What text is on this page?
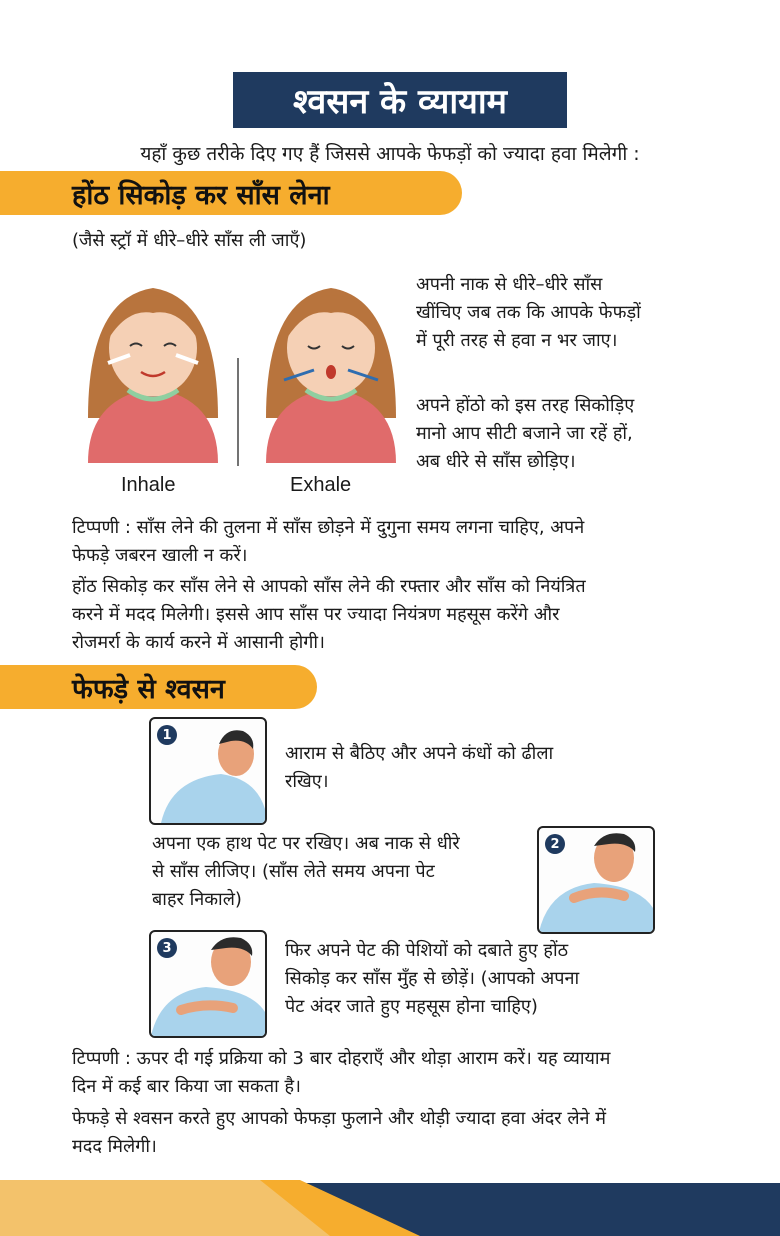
श्वसन के व्यायाम
यहाँ कुछ तरीके दिए गए हैं जिससे आपके फेफड़ों को ज्यादा हवा मिलेगी :
होंठ सिकोड़ कर साँस लेना
(जैसे स्ट्रॉ में धीरे–धीरे साँस ली जाएँ)
Inhale	Exhale
अपनी नाक से धीरे–धीरे साँस
खींचिए जब तक कि आपके फेफड़ों
में पूरी तरह से हवा न भर जाए।
अपने होंठो को इस तरह सिकोड़िए
मानो आप सीटी बजाने जा रहें हों,
अब धीरे से साँस छोड़िए।
टिप्पणी : साँस लेने की तुलना में साँस छोड़ने में दुगुना समय लगना चाहिए, अपने
फेफड़े जबरन खाली न करें।
होंठ सिकोड़ कर साँस लेने से आपको साँस लेने की रफ्तार और साँस को नियंत्रित
करने में मदद मिलेगी। इससे आप साँस पर ज्यादा नियंत्रण महसूस करेंगे और
रोजमर्रा के कार्य करने में आसानी होगी।
फेफड़े से श्वसन
1
आराम से बैठिए और अपने कंधों को ढीला
रखिए।
अपना एक हाथ पेट पर रखिए। अब नाक से धीरे
से साँस लीजिए। (साँस लेते समय अपना पेट
बाहर निकाले)
2
3	फिर अपने पेट की पेशियों को दबाते हुए होंठ
सिकोड़ कर साँस मुँह से छोड़ें। (आपको अपना
पेट अंदर जाते हुए महसूस होना चाहिए)
टिप्पणी : ऊपर दी गई प्रक्रिया को 3 बार दोहराएँ और थोड़ा आराम करें। यह व्यायाम
दिन में कई बार किया जा सकता है।
फेफड़े से श्वसन करते हुए आपको फेफड़ा फुलाने और थोड़ी ज्यादा हवा अंदर लेने में
मदद मिलेगी।
